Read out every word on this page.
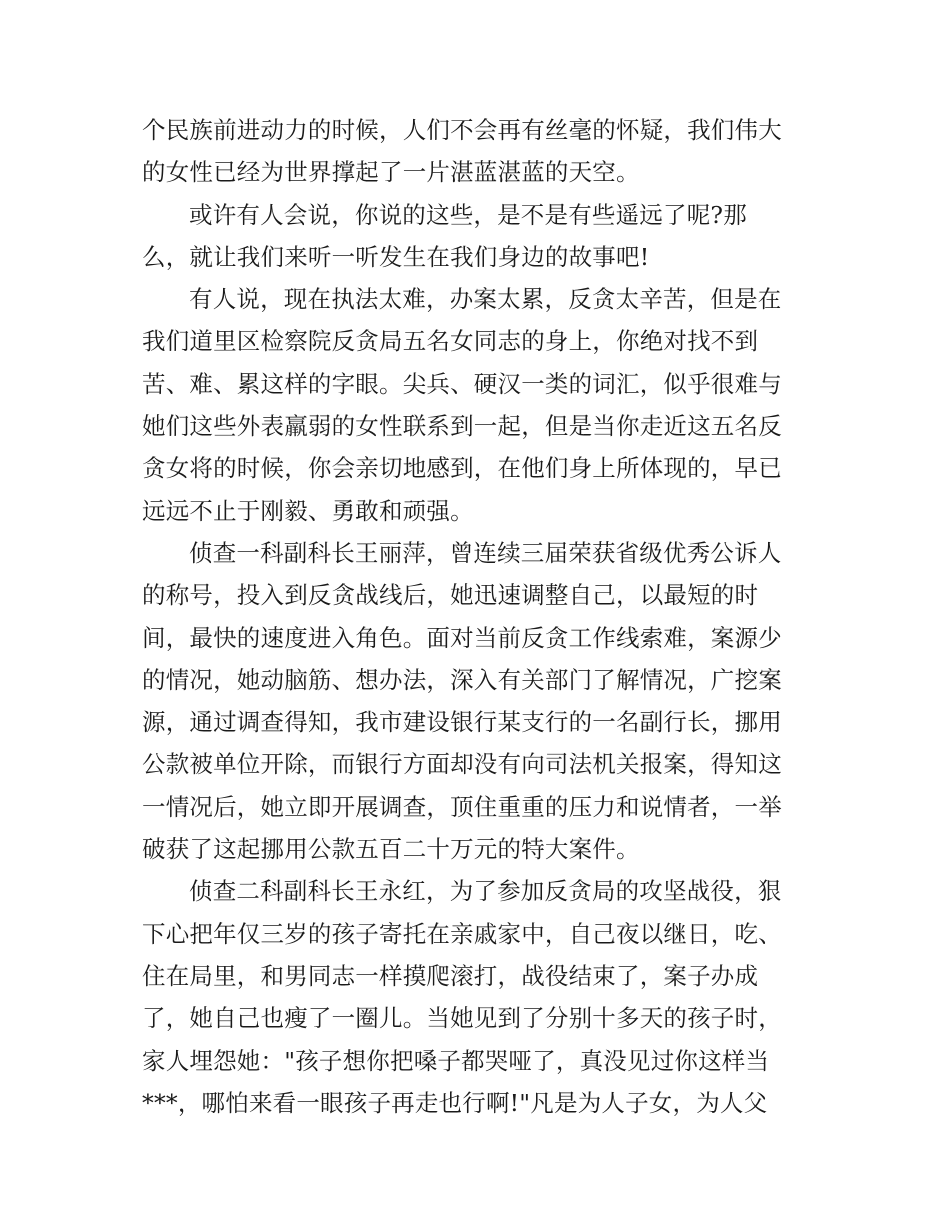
个民族前进动力的时候，人们不会再有丝毫的怀疑，我们伟大
的女性已经为世界撑起了一片湛蓝湛蓝的天空。
或许有人会说，你说的这些，是不是有些遥远了呢?那
么，就让我们来听一听发生在我们身边的故事吧!
有人说，现在执法太难，办案太累，反贪太辛苦，但是在
我们道里区检察院反贪局五名女同志的身上，你绝对找不到
苦、难、累这样的字眼。尖兵、硬汉一类的词汇，似乎很难与
她们这些外表羸弱的女性联系到一起，但是当你走近这五名反
贪女将的时候，你会亲切地感到，在他们身上所体现的，早已
远远不止于刚毅、勇敢和顽强。
侦查一科副科长王丽萍，曾连续三届荣获省级优秀公诉人
的称号，投入到反贪战线后，她迅速调整自己，以最短的时
间，最快的速度进入角色。面对当前反贪工作线索难，案源少
的情况，她动脑筋、想办法，深入有关部门了解情况，广挖案
源，通过调查得知，我市建设银行某支行的一名副行长，挪用
公款被单位开除，而银行方面却没有向司法机关报案，得知这
一情况后，她立即开展调查，顶住重重的压力和说情者，一举
破获了这起挪用公款五百二十万元的特大案件。
侦查二科副科长王永红，为了参加反贪局的攻坚战役，狠
下心把年仅三岁的孩子寄托在亲戚家中，自己夜以继日，吃、
住在局里，和男同志一样摸爬滚打，战役结束了，案子办成
了，她自己也瘦了一圈儿。当她见到了分别十多天的孩子时，
家人埋怨她："孩子想你把嗓子都哭哑了，真没见过你这样当
***，哪怕来看一眼孩子再走也行啊!"凡是为人子女，为人父
